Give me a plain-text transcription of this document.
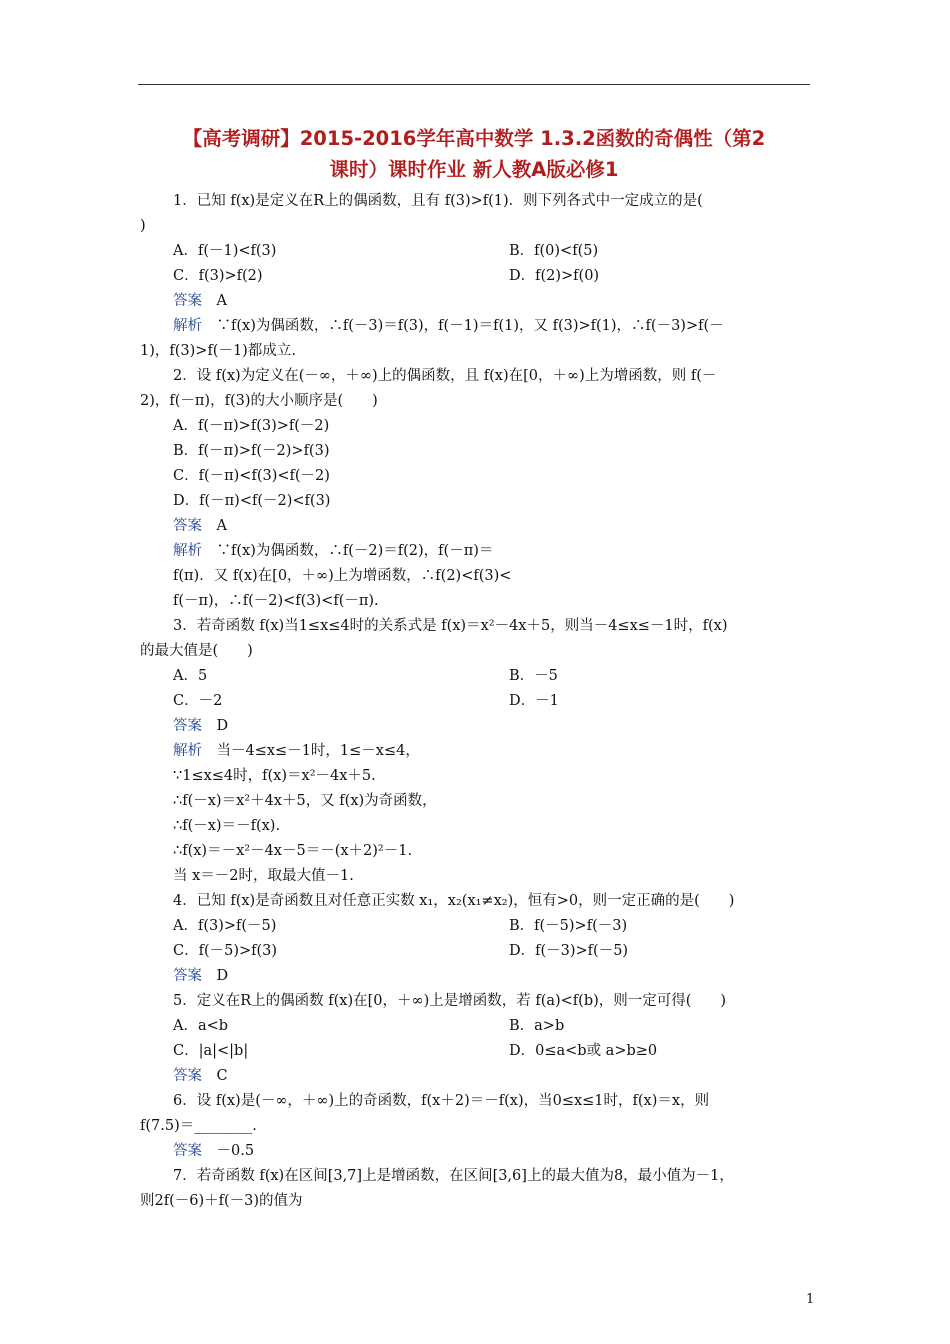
【高考调研】2015-2016学年高中数学 1.3.2函数的奇偶性（第2
课时）课时作业 新人教A版必修1
1．已知 f(x)是定义在R上的偶函数，且有 f(3)>f(1)．则下列各式中一定成立的是(
)
A．f(－1)<f(3)	B．f(0)<f(5)
C．f(3)>f(2)	D．f(2)>f(0)
答案　 A
解析　 ∵f(x)为偶函数，∴f(－3)＝f(3)，f(－1)＝f(1)，又 f(3)>f(1)，∴f(－3)>f(－
1)，f(3)>f(－1)都成立.
2．设 f(x)为定义在(－∞，＋∞)上的偶函数，且 f(x)在[0，＋∞)上为增函数，则 f(－
2)，f(－π)，f(3)的大小顺序是(　　)
A．f(－π)>f(3)>f(－2)
B．f(－π)>f(－2)>f(3)
C．f(－π)<f(3)<f(－2)
D．f(－π)<f(－2)<f(3)
答案　 A
解析　 ∵f(x)为偶函数，∴f(－2)＝f(2)，f(－π)＝
f(π)．又 f(x)在[0，＋∞)上为增函数，∴f(2)<f(3)<
f(－π)，∴f(－2)<f(3)<f(－π).
3．若奇函数 f(x)当1≤x≤4时的关系式是 f(x)＝x²－4x＋5，则当－4≤x≤－1时，f(x)
的最大值是(　　)
A．5	B．－5
C．－2	D．－1
答案　 D
解析　 当－4≤x≤－1时，1≤－x≤4，
∵1≤x≤4时，f(x)＝x²－4x＋5.
∴f(－x)＝x²＋4x＋5，又 f(x)为奇函数，
∴f(－x)＝－f(x).
∴f(x)＝－x²－4x－5＝－(x＋2)²－1.
当 x＝－2时，取最大值－1.
4．已知 f(x)是奇函数且对任意正实数 x₁，x₂(x₁≠x₂)，恒有>0，则一定正确的是(　　)
A．f(3)>f(－5)	B．f(－5)>f(－3)
C．f(－5)>f(3)	D．f(－3)>f(－5)
答案　 D
5．定义在R上的偶函数 f(x)在[0，＋∞)上是增函数，若 f(a)<f(b)，则一定可得(　　)
A．a<b	B．a>b
C．|a|<|b|	D．0≤a<b或 a>b≥0
答案　 C
6．设 f(x)是(－∞，＋∞)上的奇函数，f(x＋2)＝－f(x)，当0≤x≤1时，f(x)＝x，则
f(7.5)＝________.
答案　 －0.5
7．若奇函数 f(x)在区间[3,7]上是增函数，在区间[3,6]上的最大值为8，最小值为－1，
则2f(－6)＋f(－3)的值为
1
